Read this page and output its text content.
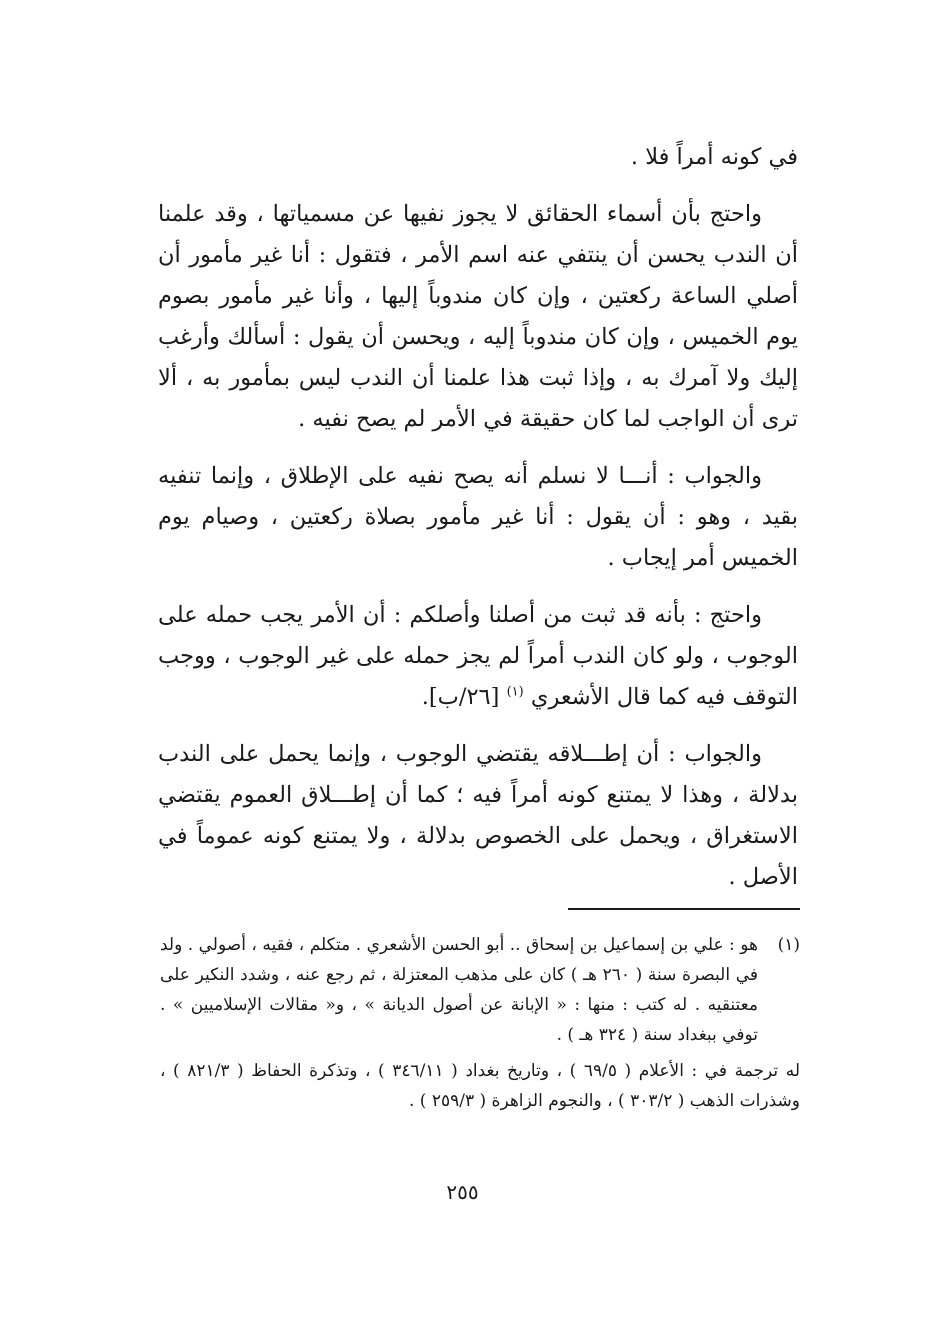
في كونه أمراً فلا .

واحتج بأن أسماء الحقائق لا يجوز نفيها عن مسمياتها ، وقد علمنا أن الندب يحسن أن ينتفي عنه اسم الأمر ، فتقول : أنا غير مأمور أن أصلي الساعة ركعتين ، وإن كان مندوباً إليها ، وأنا غير مأمور بصوم يوم الخميس ، وإن كان مندوباً إليه ، ويحسن أن يقول : أسألك وأرغب إليك ولا آمرك به ، وإذا ثبت هذا علمنا أن الندب ليس بمأمور به ، ألا ترى أن الواجب لما كان حقيقة في الأمر لم يصح نفيه .

والجواب : أنـــا لا نسلم أنه يصح نفيه على الإطلاق ، وإنما تنفيه بقيد ، وهو : أن يقول : أنا غير مأمور بصلاة ركعتين ، وصيام يوم الخميس أمر إيجاب .

واحتج : بأنه قد ثبت من أصلنا وأصلكم : أن الأمر يجب حمله على الوجوب ، ولو كان الندب أمراً لم يجز حمله على غير الوجوب ، ووجب التوقف فيه كما قال الأشعري $^{(١)}$ [٢٦/ب].

والجواب : أن إطـــلاقه يقتضي الوجوب ، وإنما يحمل على الندب بدلالة ، وهذا لا يمتنع كونه أمراً فيه ؛ كما أن إطـــلاق العموم يقتضي الاستغراق ، ويحمل على الخصوص بدلالة ، ولا يمتنع كونه عموماً في الأصل .

(١)

هو : علي بن إسماعيل بن إسحاق .. أبو الحسن الأشعري . متكلم ، فقيه ، أصولي . ولد في البصرة سنة ( ٢٦٠ هـ ) كان على مذهب المعتزلة ، ثم رجع عنه ، وشدد النكير على معتنقيه . له كتب : منها : « الإبانة عن أصول الديانة » ، و« مقالات الإسلاميين » . توفي ببغداد سنة ( ٣٢٤ هـ ) .

له ترجمة في : الأعلام ( ٦٩/٥ ) ، وتاريخ بغداد ( ٣٤٦/١١ ) ، وتذكرة الحفاظ ( ٨٢١/٣ ) ، وشذرات الذهب ( ٣٠٣/٢ ) ، والنجوم الزاهرة ( ٢٥٩/٣ ) .

٢٥٥
